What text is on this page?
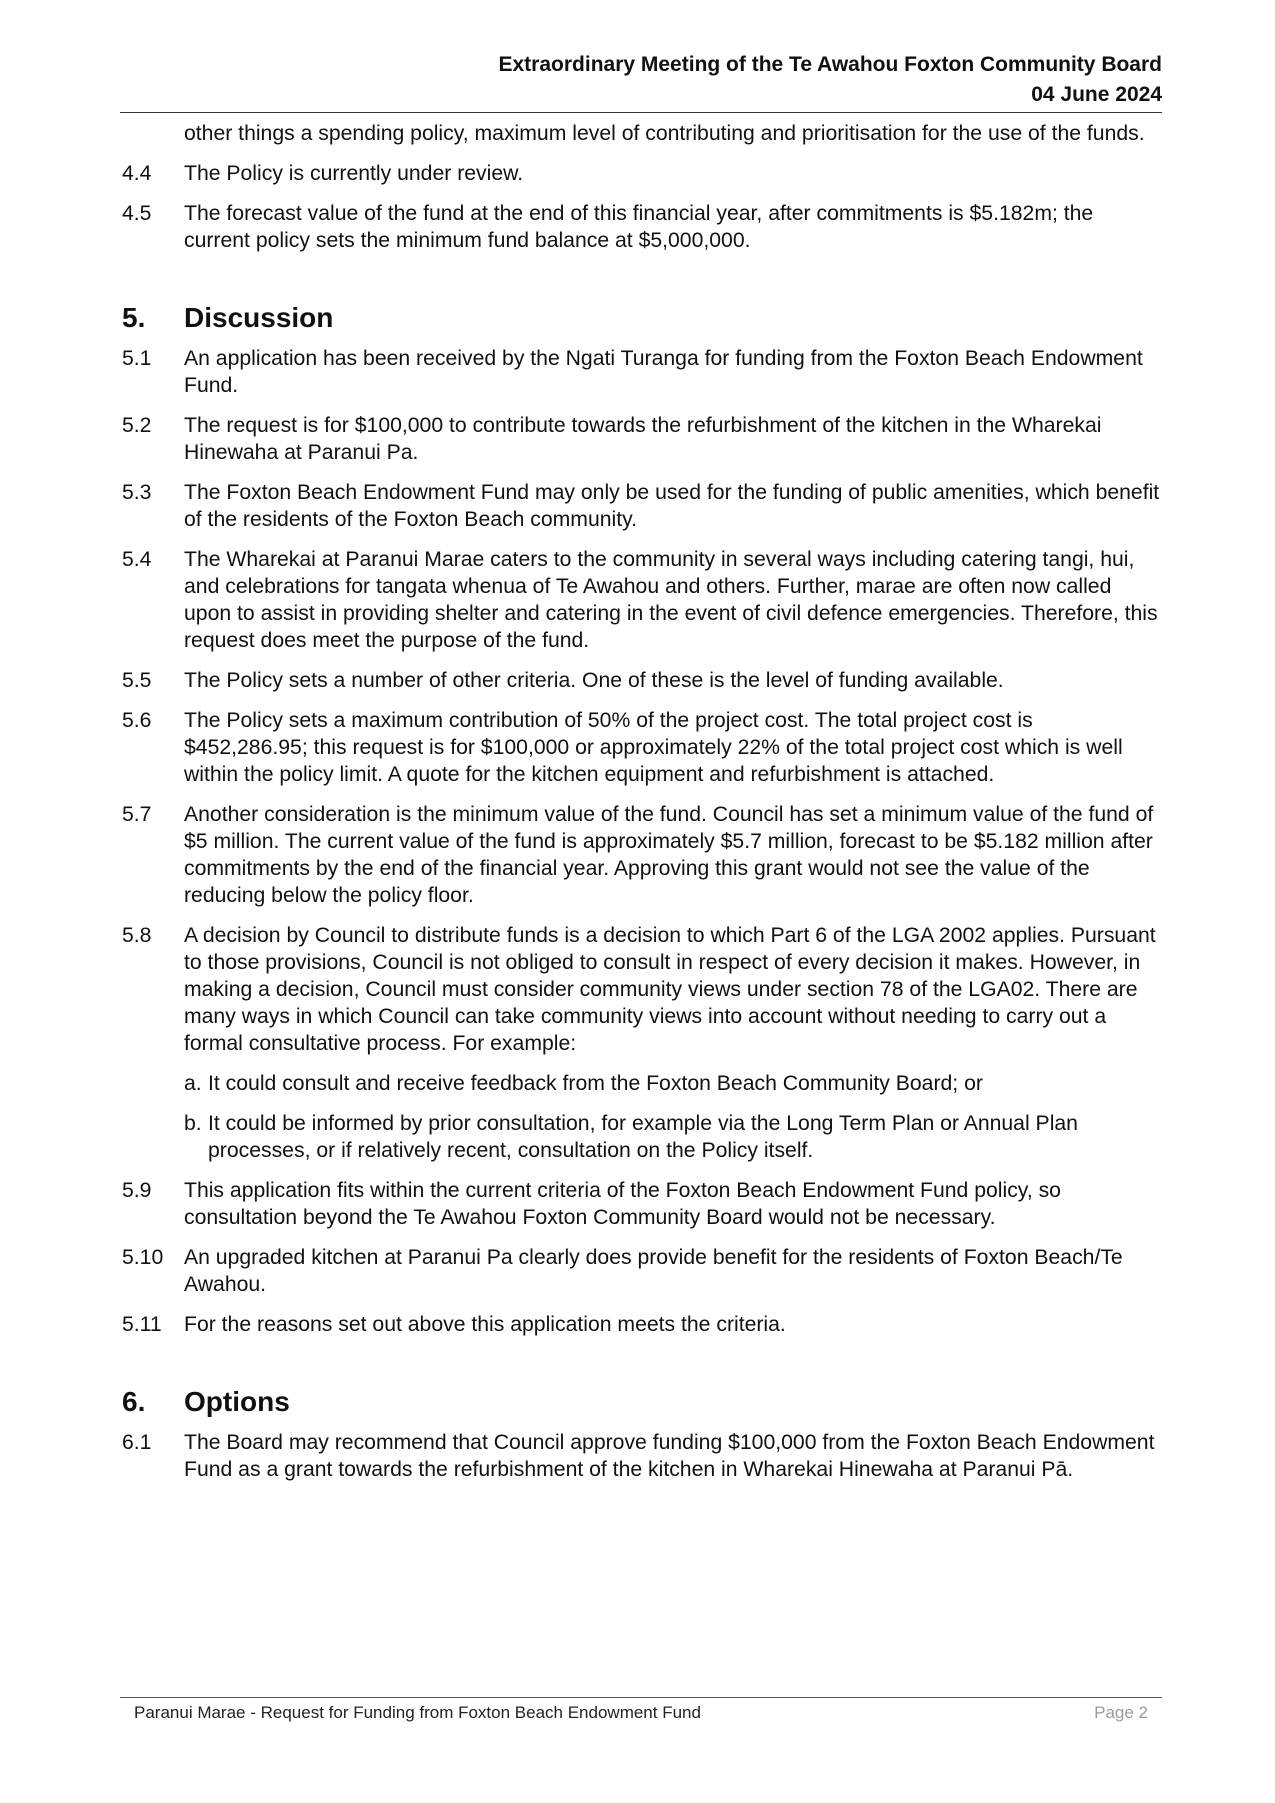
Extraordinary Meeting of the Te Awahou Foxton Community Board
04 June 2024

other things a spending policy, maximum level of contributing and prioritisation for the use of the funds.

4.4 The Policy is currently under review.

4.5 The forecast value of the fund at the end of this financial year, after commitments is $5.182m; the current policy sets the minimum fund balance at $5,000,000.

5. Discussion

5.1 An application has been received by the Ngati Turanga for funding from the Foxton Beach Endowment Fund.

5.2 The request is for $100,000 to contribute towards the refurbishment of the kitchen in the Wharekai Hinewaha at Paranui Pa.

5.3 The Foxton Beach Endowment Fund may only be used for the funding of public amenities, which benefit of the residents of the Foxton Beach community.

5.4 The Wharekai at Paranui Marae caters to the community in several ways including catering tangi, hui, and celebrations for tangata whenua of Te Awahou and others. Further, marae are often now called upon to assist in providing shelter and catering in the event of civil defence emergencies. Therefore, this request does meet the purpose of the fund.

5.5 The Policy sets a number of other criteria. One of these is the level of funding available.

5.6 The Policy sets a maximum contribution of 50% of the project cost. The total project cost is $452,286.95; this request is for $100,000 or approximately 22% of the total project cost which is well within the policy limit. A quote for the kitchen equipment and refurbishment is attached.

5.7 Another consideration is the minimum value of the fund. Council has set a minimum value of the fund of $5 million. The current value of the fund is approximately $5.7 million, forecast to be $5.182 million after commitments by the end of the financial year. Approving this grant would not see the value of the reducing below the policy floor.

5.8 A decision by Council to distribute funds is a decision to which Part 6 of the LGA 2002 applies. Pursuant to those provisions, Council is not obliged to consult in respect of every decision it makes. However, in making a decision, Council must consider community views under section 78 of the LGA02. There are many ways in which Council can take community views into account without needing to carry out a formal consultative process. For example:

a. It could consult and receive feedback from the Foxton Beach Community Board; or

b. It could be informed by prior consultation, for example via the Long Term Plan or Annual Plan processes, or if relatively recent, consultation on the Policy itself.

5.9 This application fits within the current criteria of the Foxton Beach Endowment Fund policy, so consultation beyond the Te Awahou Foxton Community Board would not be necessary.

5.10 An upgraded kitchen at Paranui Pa clearly does provide benefit for the residents of Foxton Beach/Te Awahou.

5.11 For the reasons set out above this application meets the criteria.

6. Options

6.1 The Board may recommend that Council approve funding $100,000 from the Foxton Beach Endowment Fund as a grant towards the refurbishment of the kitchen in Wharekai Hinewaha at Paranui Pā.

Paranui Marae - Request for Funding from Foxton Beach Endowment Fund	Page 2
